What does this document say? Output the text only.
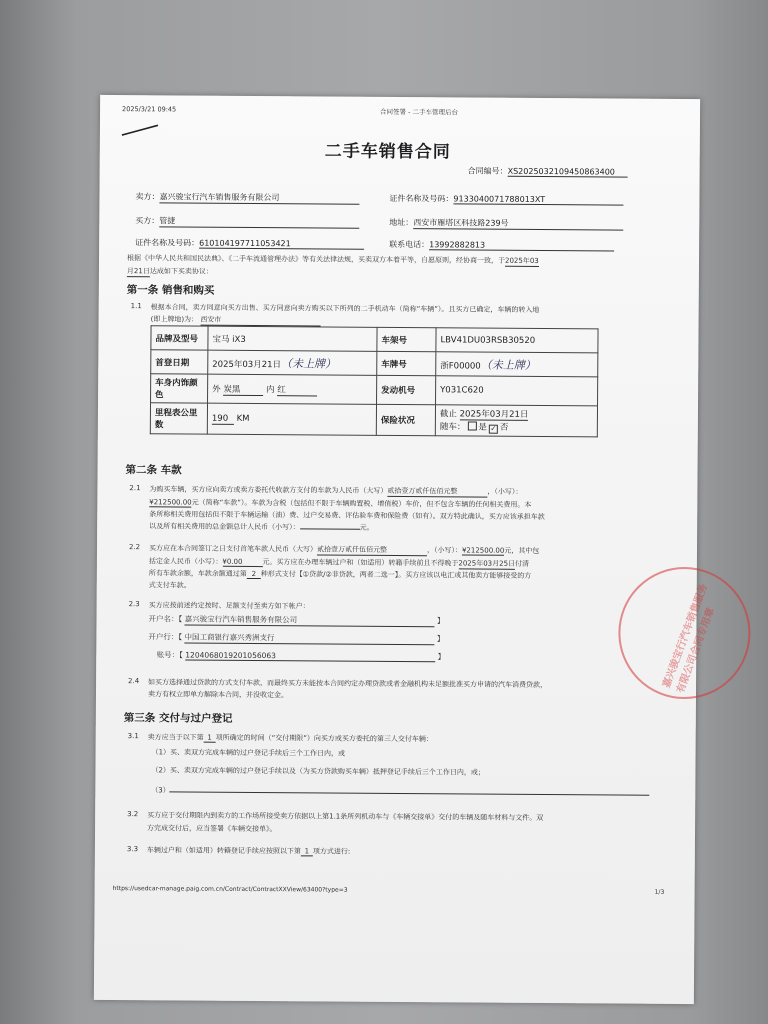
2025/3/21 09:45	合同签署 - 二手车管理后台
二手车销售合同
合同编号：XS20250321094508634​00
卖方：嘉兴骏宝行汽车销售服务有限公司	证件名称及号码：9133040071788​013XT
买方：管捷	地址：西安市雁塔区科技路239号
证件名称及号码：610104197711053421	联系电话：13992882813
根据《中华人民共和国民法典》、《二手车流通管理办法》等有关法律法规，买卖双方本着平等，自愿原则，经协商一致，于2025年03
月21日达成如下买卖协议：
第一条 销售和购买
1.1 根据本合同，卖方同意向买方出售、买方同意向卖方购买以下所列的二手机动车（简称“车辆”）。且买方已确定，车辆的转入地
(即上牌地)为： 西安市
品牌及型号	宝马 iX3	车架号	LBV41DU03RSB30520
首登日期	2025年03月21日（未上牌）	车牌号	浙F00000（未上牌）
车身内饰颜
色	外 炭黑 内 红	发动机号	Y031C620
里程表公里
数	190 KM	保险状况	截止 2025年03月21日
随车： 是 ✓ 否
第二条 车款
2.1 为购买车辆，买方应向卖方或卖方委托代收款方支付的车款为人民币（大写）贰拾壹万贰仟伍佰元整	，（小写）：
¥212500.00元（简称“车款”）。车款为含税（包括但不限于车辆购置税、增值税）车价，但不包含车辆的任何相关费用。本
条所称相关费用包括但不限于车辆运输（油）费、过户交易费、评估验车费和保险费（如有）。双方特此确认，买方应该承担车款
以及所有相关费用的总金额总计人民币（小写）：	元。
2.2 买方应在本合同签订之日支付首笔车款人民币（大写）贰拾壹万贰仟伍佰元整	，（小写）：¥212500.00元，其中包
括定金人民币（小写）：¥0.00	元。买方应在办理车辆过户和（如适用）转籍手续前且不得晚于2025年03月25日付清
所有车款余额，车款余额通过第 2 种形式支付【①贷款/②非贷款，两者二选一】。买方应该以电汇或其他卖方能够接受的方
式支付车款。
2.3 买方应按前述约定按时、足额支付至卖方如下帐户：
开户名：【 嘉兴骏宝行汽车销售服务有限公司	】
开户行：【 中国工商银行嘉兴秀洲支行	】
账号：【 1204068019201056063	】
2.4 如买方选择通过贷款的方式支付车款，而最终买方未能按本合同约定办理贷款或者金融机构未足额批准买方申请的汽车消费贷款，
卖方有权立即单方解除本合同，并没收定金。
第三条 交付与过户登记
3.1 卖方应当于以下第 1 项所确定的时间（“交付期限”）向买方或买方委托的第三人交付车辆：
（1）买、卖双方完成车辆的过户登记手续后三个工作日内，或
（2）买、卖双方完成车辆的过户登记手续以及（为买方贷款购买车辆）抵押登记手续后三个工作日内，或；
（3）
3.2 买方应于交付期限内到卖方的工作场所接受卖方依据以上第1.1条所列机动车与《车辆交接单》交付的车辆及随车材料与文件。双
方完成交付后，应当签署《车辆交接单》。
3.3 车辆过户和（如适用）转籍登记手续应按照以下第 1 项方式进行:
https://usedcar-manage.paig.com.cn/Contract/ContractXXView/63400?type=3	1/3
嘉兴骏宝行汽车销售服务有限公司合同专用章
